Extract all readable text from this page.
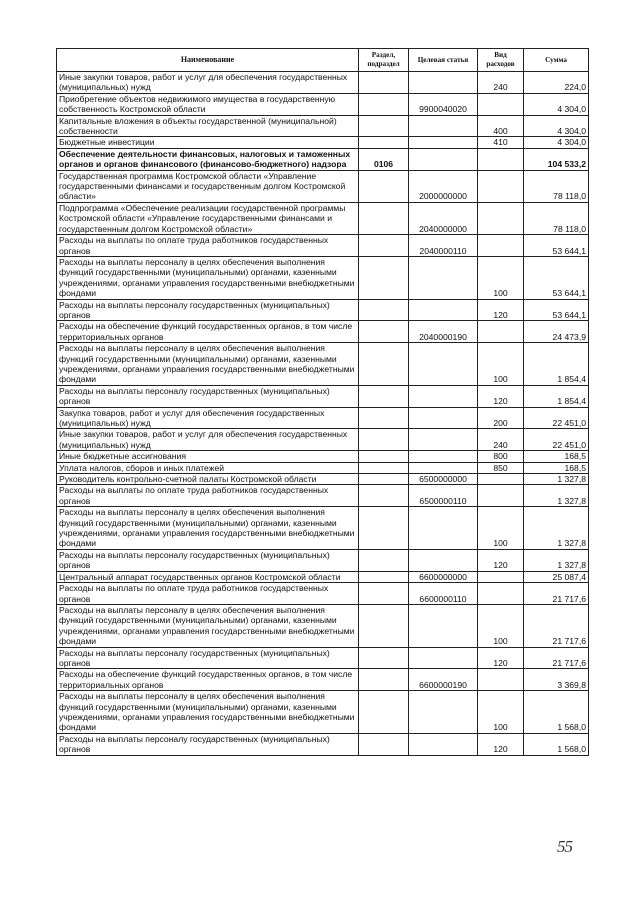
Наименование	Раздел, подраздел	Целевая статья	Вид расходов	Сумма
Иные закупки товаров, работ и услуг для обеспечения государственных (муниципальных) нужд			240	224,0
Приобретение объектов недвижимого имущества в государственную собственность Костромской области		9900040020		4 304,0
Капитальные вложения в объекты государственной (муниципальной) собственности			400	4 304,0
Бюджетные инвестиции			410	4 304,0
Обеспечение деятельности финансовых, налоговых и таможенных органов и органов финансового (финансово-бюджетного) надзора	0106			104 533,2
Государственная программа Костромской области «Управление государственными финансами и государственным долгом Костромской области»		2000000000		78 118,0
Подпрограмма «Обеспечение реализации государственной программы Костромской области «Управление государственными финансами и государственным долгом Костромской области»		2040000000		78 118,0
Расходы на выплаты по оплате труда работников государственных органов		2040000110		53 644,1
Расходы на выплаты персоналу в целях обеспечения выполнения функций государственными (муниципальными) органами, казенными учреждениями, органами управления государственными внебюджетными фондами			100	53 644,1
Расходы на выплаты персоналу государственных (муниципальных) органов			120	53 644,1
Расходы на обеспечение функций государственных органов, в том числе территориальных органов		2040000190		24 473,9
Расходы на выплаты персоналу в целях обеспечения выполнения функций государственными (муниципальными) органами, казенными учреждениями, органами управления государственными внебюджетными фондами			100	1 854,4
Расходы на выплаты персоналу государственных (муниципальных) органов			120	1 854,4
Закупка товаров, работ и услуг для обеспечения государственных (муниципальных) нужд			200	22 451,0
Иные закупки товаров, работ и услуг для обеспечения государственных (муниципальных) нужд			240	22 451,0
Иные бюджетные ассигнования			800	168,5
Уплата налогов, сборов и иных платежей			850	168,5
Руководитель контрольно-счетной палаты Костромской области		6500000000		1 327,8
Расходы на выплаты по оплате труда работников государственных органов		6500000110		1 327,8
Расходы на выплаты персоналу в целях обеспечения выполнения функций государственными (муниципальными) органами, казенными учреждениями, органами управления государственными внебюджетными фондами			100	1 327,8
Расходы на выплаты персоналу государственных (муниципальных) органов			120	1 327,8
Центральный аппарат государственных органов Костромской области		6600000000		25 087,4
Расходы на выплаты по оплате труда работников государственных органов		6600000110		21 717,6
Расходы на выплаты персоналу в целях обеспечения выполнения функций государственными (муниципальными) органами, казенными учреждениями, органами управления государственными внебюджетными фондами			100	21 717,6
Расходы на выплаты персоналу государственных (муниципальных) органов			120	21 717,6
Расходы на обеспечение функций государственных органов, в том числе территориальных органов		6600000190		3 369,8
Расходы на выплаты персоналу в целях обеспечения выполнения функций государственными (муниципальными) органами, казенными учреждениями, органами управления государственными внебюджетными фондами			100	1 568,0
Расходы на выплаты персоналу государственных (муниципальных) органов			120	1 568,0
55
